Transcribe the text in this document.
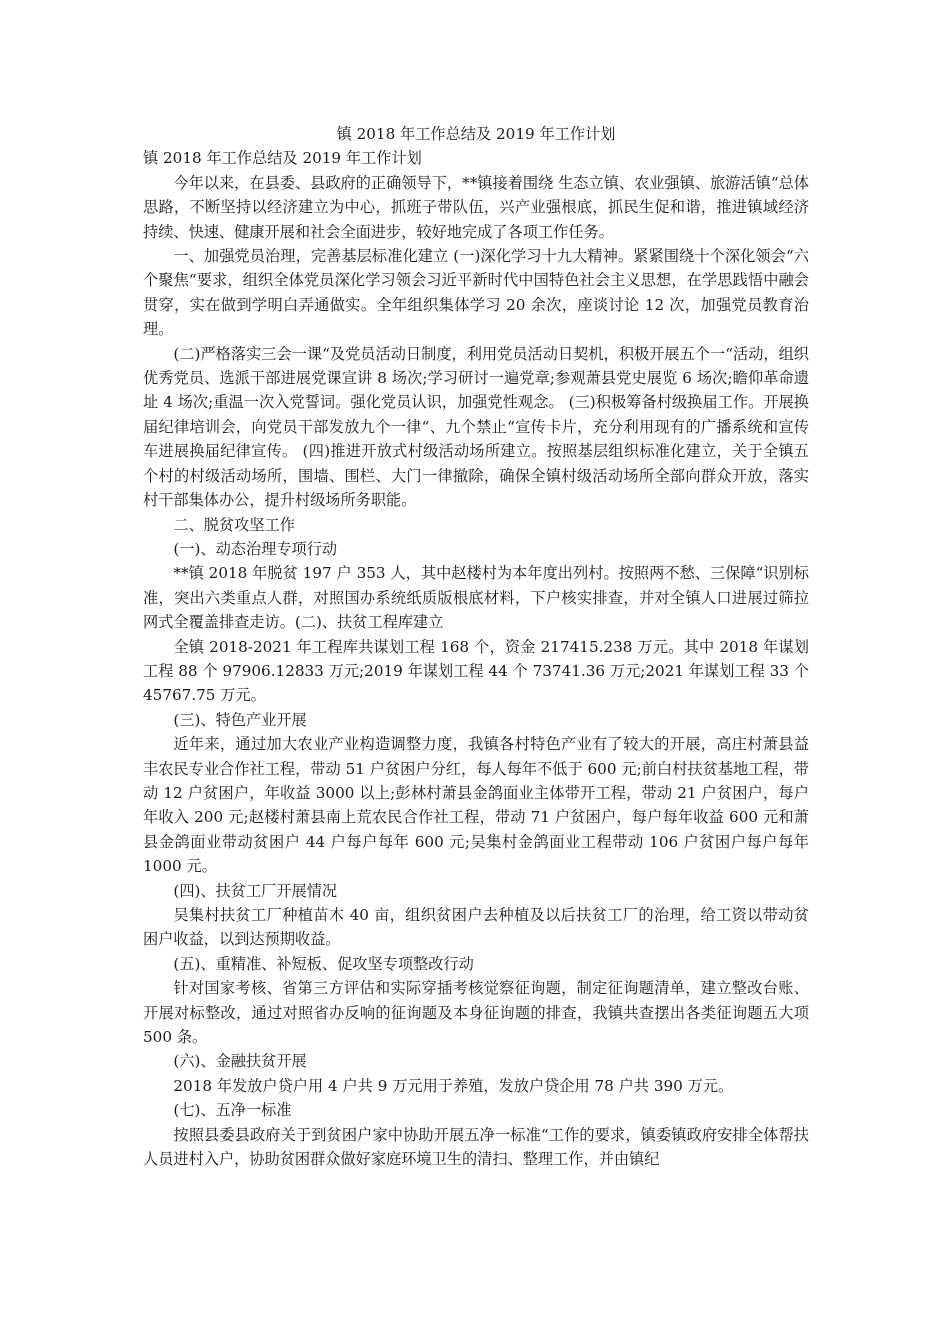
镇 2018 年工作总结及 2019 年工作计划

镇 2018 年工作总结及 2019 年工作计划

今年以来，在县委、县政府的正确领导下，**镇接着围绕 生态立镇、农业强镇、旅游活镇“总体思路，不断坚持以经济建立为中心，抓班子带队伍，兴产业强根底，抓民生促和谐，推进镇域经济持续、快速、健康开展和社会全面进步，较好地完成了各项工作任务。

一、加强党员治理，完善基层标准化建立 (一)深化学习十九大精神。紧紧围绕十个深化领会“六个聚焦“要求，组织全体党员深化学习领会习近平新时代中国特色社会主义思想，在学思践悟中融会贯穿，实在做到学明白弄通做实。全年组织集体学习 20 余次，座谈讨论 12 次，加强党员教育治理。

(二)严格落实三会一课“及党员活动日制度，利用党员活动日契机，积极开展五个一“活动，组织优秀党员、选派干部进展党课宣讲 8 场次;学习研讨一遍党章;参观萧县党史展览 6 场次;瞻仰革命遗址 4 场次;重温一次入党誓词。强化党员认识，加强党性观念。 (三)积极筹备村级换届工作。开展换届纪律培训会，向党员干部发放九个一律“、九个禁止“宣传卡片，充分利用现有的广播系统和宣传车进展换届纪律宣传。 (四)推进开放式村级活动场所建立。按照基层组织标准化建立，关于全镇五个村的村级活动场所，围墙、围栏、大门一律撤除，确保全镇村级活动场所全部向群众开放，落实村干部集体办公，提升村级场所务职能。

二、脱贫攻坚工作

(一)、动态治理专项行动

**镇 2018 年脱贫 197 户 353 人，其中赵楼村为本年度出列村。按照两不愁、三保障“识别标准，突出六类重点人群，对照国办系统纸质版根底材料，下户核实排查，并对全镇人口进展过筛拉网式全覆盖排查走访。(二)、扶贫工程库建立

全镇 2018-2021 年工程库共谋划工程 168 个，资金 217415.238 万元。其中 2018 年谋划工程 88 个 97906.12833 万元;2019 年谋划工程 44 个 73741.36 万元;2021 年谋划工程 33 个 45767.75 万元。

(三)、特色产业开展

近年来，通过加大农业产业构造调整力度，我镇各村特色产业有了较大的开展，高庄村萧县益丰农民专业合作社工程，带动 51 户贫困户分红，每人每年不低于 600 元;前白村扶贫基地工程，带动 12 户贫困户，年收益 3000 以上;彭林村萧县金鸽面业主体带开工程，带动 21 户贫困户，每户年收入 200 元;赵楼村萧县南上荒农民合作社工程，带动 71 户贫困户，每户每年收益 600 元和萧县金鸽面业带动贫困户 44 户每户每年 600 元;吴集村金鸽面业工程带动 106 户贫困户每户每年 1000 元。

(四)、扶贫工厂开展情况

吴集村扶贫工厂种植苗木 40 亩，组织贫困户去种植及以后扶贫工厂的治理，给工资以带动贫困户收益，以到达预期收益。

(五)、重精准、补短板、促攻坚专项整改行动

针对国家考核、省第三方评估和实际穿插考核觉察征询题，制定征询题清单，建立整改台账、开展对标整改，通过对照省办反响的征询题及本身征询题的排查，我镇共查摆出各类征询题五大项 500 条。

(六)、金融扶贫开展

2018 年发放户贷户用 4 户共 9 万元用于养殖，发放户贷企用 78 户共 390 万元。

(七)、五净一标准

按照县委县政府关于到贫困户家中协助开展五净一标准“工作的要求，镇委镇政府安排全体帮扶人员进村入户，协助贫困群众做好家庭环境卫生的清扫、整理工作，并由镇纪
